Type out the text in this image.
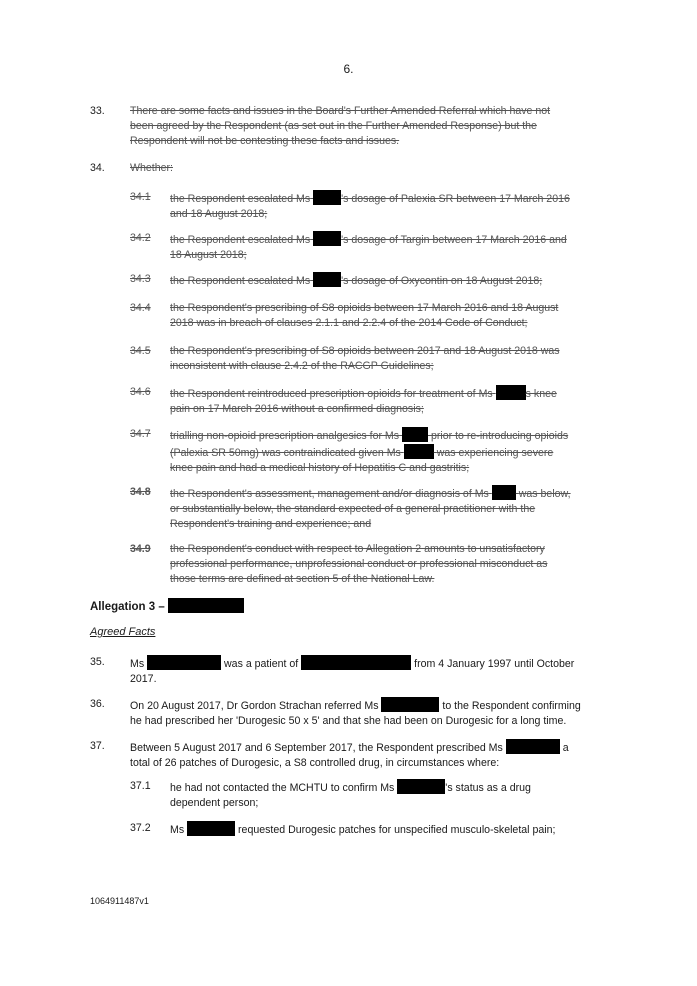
6.
33. There are some facts and issues in the Board's Further Amended Referral which have not
been agreed by the Respondent (as set out in the Further Amended Response) but the
Respondent will not be contesting these facts and issues.
34. Whether:
34.1 the Respondent escalated Ms	's dosage of Palexia SR between 17 March 2016
and 18 August 2018;
34.2 the Respondent escalated Ms	's dosage of Targin between 17 March 2016 and
18 August 2018;
34.3 the Respondent escalated Ms	's dosage of Oxycontin on 18 August 2018;
34.4 the Respondent's prescribing of S8 opioids between 17 March 2016 and 18 August
2018 was in breach of clauses 2.1.1 and 2.2.4 of the 2014 Code of Conduct;
34.5 the Respondent's prescribing of S8 opioids between 2017 and 18 August 2018 was
inconsistent with clause 2.4.2 of the RACGP Guidelines;
34.6 the Respondent reintroduced prescription opioids for treatment of Ms	s knee
pain on 17 March 2016 without a confirmed diagnosis;
34.7 trialling non-opioid prescription analgesics for Ms	prior to re-introducing opioids
(Palexia SR 50mg) was contraindicated given Ms	was experiencing severe
knee pain and had a medical history of Hepatitis C and gastritis;
34.8 the Respondent's assessment, management and/or diagnosis of Ms	was below,
or substantially below, the standard expected of a general practitioner with the
Respondent's training and experience; and
34.9 the Respondent's conduct with respect to Allegation 2 amounts to unsatisfactory
professional performance, unprofessional conduct or professional misconduct as
those terms are defined at section 5 of the National Law.
Allegation 3 –
Agreed Facts
35. Ms	was a patient of	from 4 January 1997 until October
2017.
36. On 20 August 2017, Dr Gordon Strachan referred Ms	to the Respondent confirming
he had prescribed her 'Durogesic 50 x 5' and that she had been on Durogesic for a long time.
37. Between 5 August 2017 and 6 September 2017, the Respondent prescribed Ms	a
total of 26 patches of Durogesic, a S8 controlled drug, in circumstances where:
37.1 he had not contacted the MCHTU to confirm Ms	's status as a drug
dependent person;
37.2 Ms	requested Durogesic patches for unspecified musculo-skeletal pain;
1064911487v1
